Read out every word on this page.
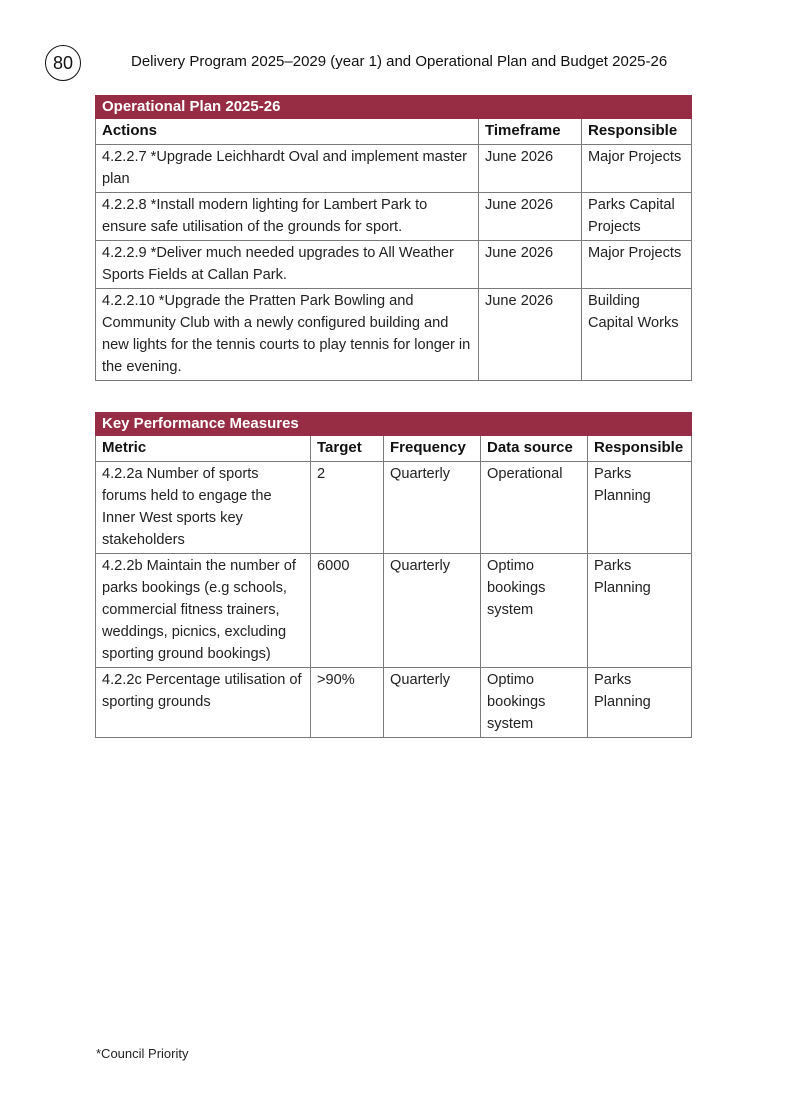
80	Delivery Program 2025–2029 (year 1) and Operational Plan and Budget 2025-26
Operational Plan 2025-26		
Actions	Timeframe	Responsible
4.2.2.7 *Upgrade Leichhardt Oval and implement master plan	June 2026	Major Projects
4.2.2.8 *Install modern lighting for Lambert Park to ensure safe utilisation of the grounds for sport.	June 2026	Parks Capital Projects
4.2.2.9 *Deliver much needed upgrades to All Weather Sports Fields at Callan Park.	June 2026	Major Projects
4.2.2.10 *Upgrade the Pratten Park Bowling and Community Club with a newly configured building and new lights for the tennis courts to play tennis for longer in the evening.	June 2026	Building Capital Works
Key Performance Measures				
Metric	Target	Frequency	Data source	Responsible
4.2.2a Number of sports forums held to engage the Inner West sports key stakeholders	2	Quarterly	Operational	Parks Planning
4.2.2b Maintain the number of parks bookings (e.g schools, commercial fitness trainers, weddings, picnics, excluding sporting ground bookings)	6000	Quarterly	Optimo bookings system	Parks Planning
4.2.2c Percentage utilisation of sporting grounds	>90%	Quarterly	Optimo bookings system	Parks Planning
*Council Priority
